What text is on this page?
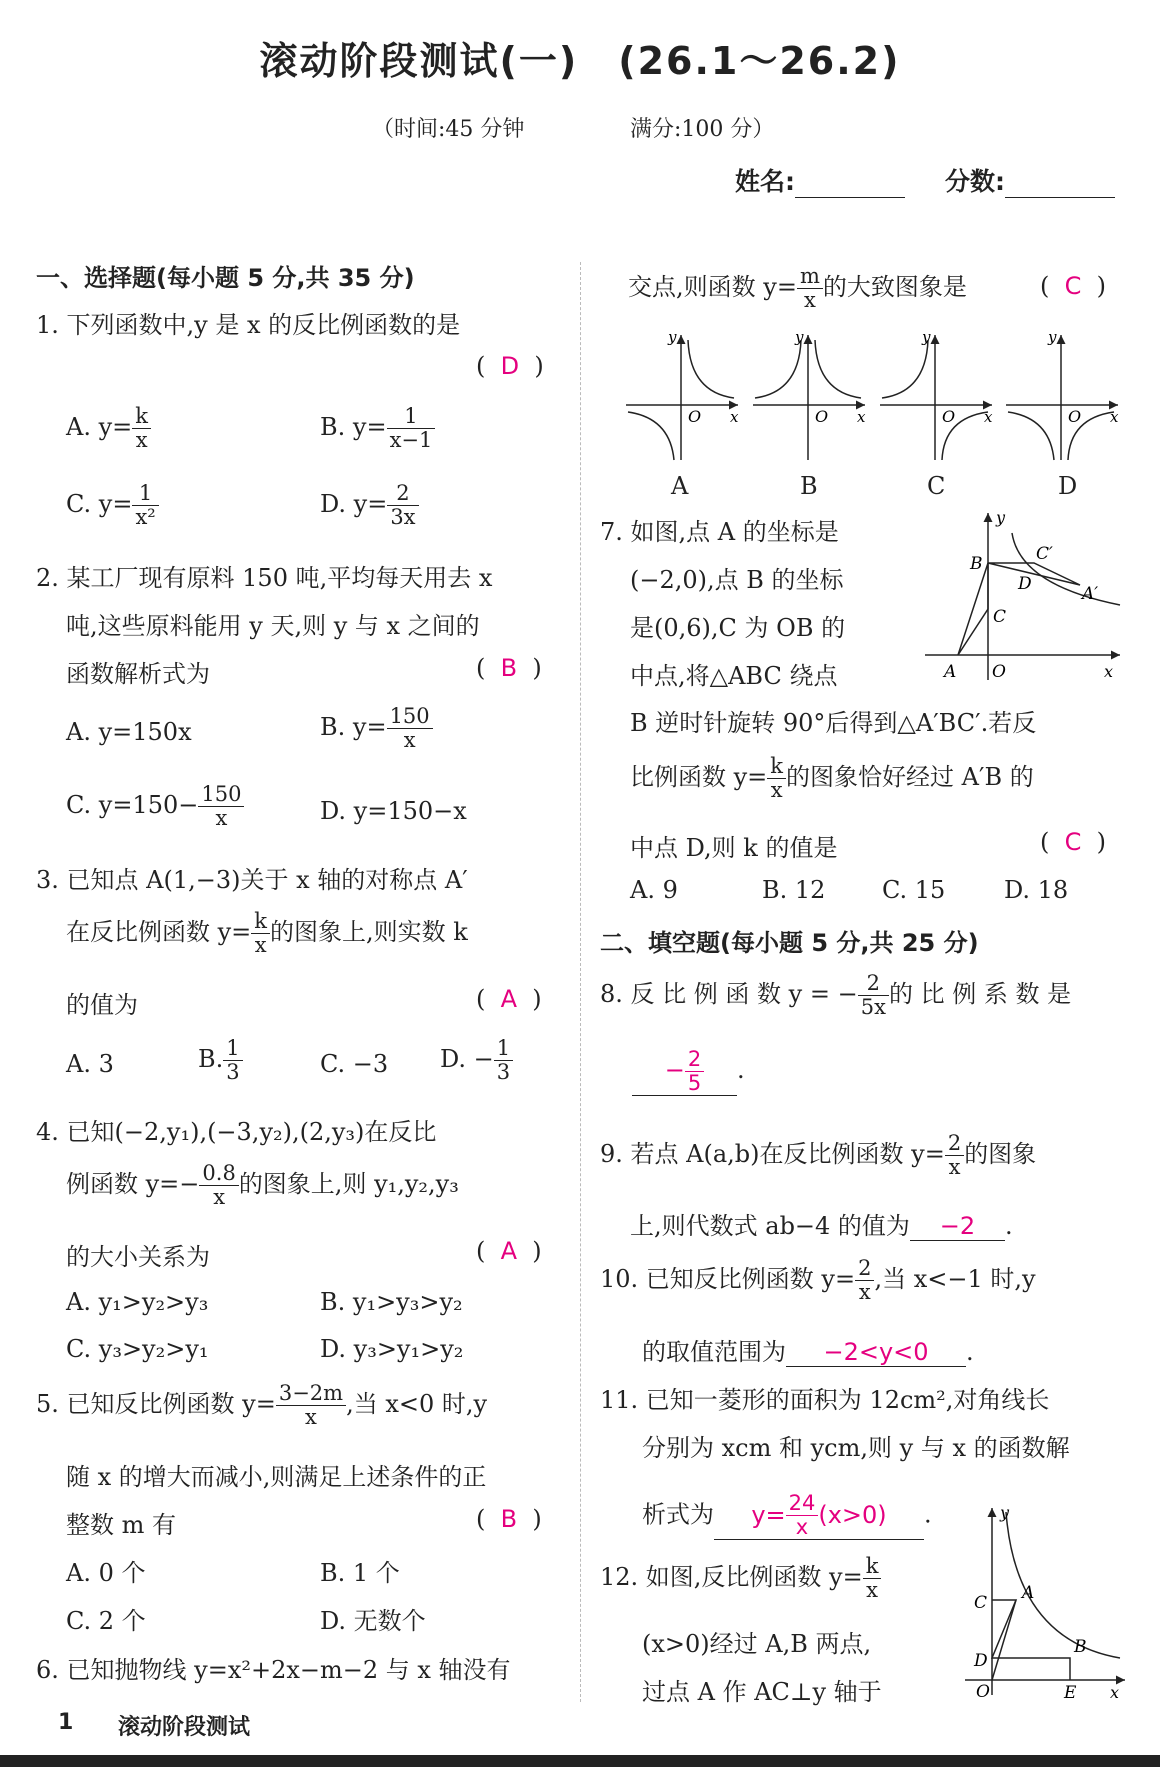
滚动阶段测试(一)　(26.1～26.2)
（时间:45 分钟	满分:100 分）
姓名:	分数:
一、选择题(每小题 5 分,共 35 分)
1. 下列函数中,y 是 x 的反比例函数的是
(  D  )
A. $y= \frac{k}{x}$	B. $y= \frac{1}{x-1}$
C. $y= \frac{1}{\text{x²}}$	D. $y= \frac{2}{3x}$
2. 某工厂现有原料 150 吨,平均每天用去 x
吨,这些原料能用 y 天,则 y 与 x 之间的
函数解析式为	(  B  )
A. y=150x	B. $y= \frac{150}{x}$
C. $y=150- \frac{150}{x}$	D. y=150−x
3. 已知点 A(1,−3)关于 x 轴的对称点 A′
在反比例函数 $y= \frac{k}{x}$ 的图象上,则实数 k
的值为	(  A  )
A. 3	B. $\frac{1}{3}$	C. −3 D. − $\frac{1}{3}$
4. 已知(−2,y₁),(−3,y₂),(2,y₃)在反比
例函数 $y=- \frac{0.8}{x}$ 的图象上,则 y₁,y₂,y₃
的大小关系为	(  A  )
A. y₁>y₂>y₃	B. y₁>y₃>y₂
C. y₃>y₂>y₁	D. y₃>y₁>y₂
5. 已知反比例函数 $y= \frac{3-2m}{x}$ ,当 x<0 时,y
随 x 的增大而减小,则满足上述条件的正
整数 m 有	(  B  )
A. 0 个	B. 1 个
C. 2 个	D. 无数个
6. 已知抛物线 y=x²+2x−m−2 与 x 轴没有
交点,则函数 $y= \frac{m}{x}$ 的大致图象是	(  C  )
O x
y
O x
y
O x
y
O x
y
A	B	C	D
7. 如图,点 A 的坐标是
(−2,0),点 B 的坐标
是(0,6),C 为 OB 的
中点,将△ABC 绕点
B	C′
D	A′
C
A O	x
y
B 逆时针旋转 90°后得到△A′BC′.若反
比例函数 $y= \frac{k}{x}$ 的图象恰好经过 A′B 的
中点 D,则 k 的值是	(  C  )
A. 9	B. 12 C. 15 D. 18
二、填空题(每小题 5 分,共 25 分)
8. 反 比 例 函 数 y = − $\frac{2}{5x}$ 的 比 例 系 数 是
− $\frac{2}{5}$ .
9. 若点 A(a,b)在反比例函数 $y= \frac{2}{x}$ 的图象
上,则代数式 ab−4 的值为 −2 .
10. 已知反比例函数 $y= \frac{2}{x}$ ,当 x<−1 时,y
的取值范围为 −2<y<0 .
11. 已知一菱形的面积为 12cm²,对角线长
分别为 xcm 和 ycm,则 y 与 x 的函数解
析式为 $y= \frac{24}{x} (x>0)$ .
12. 如图,反比例函数 $y= \frac{k}{x}$
(x>0)经过 A,B 两点,
过点 A 作 AC⊥y 轴于
C A
D
B
O	E x
y
1 滚动阶段测试
